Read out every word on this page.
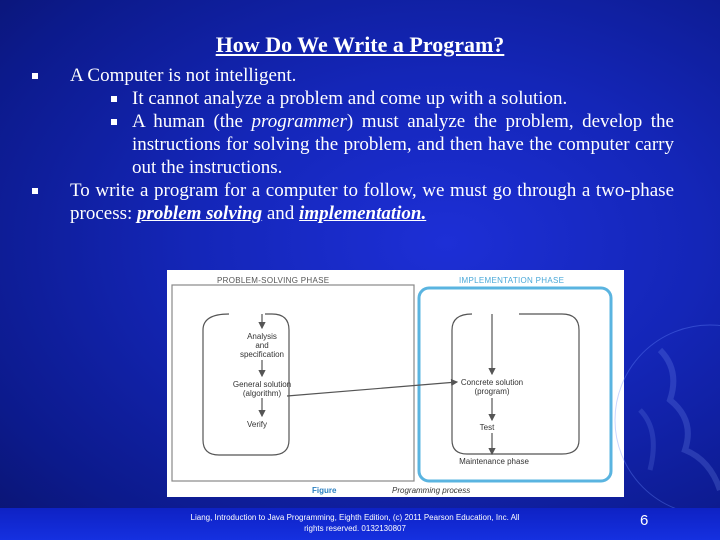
How Do We Write a Program?
A Computer is not intelligent.
It cannot analyze a problem and come up with a solution.
A human (the programmer) must analyze the problem, develop the instructions for solving the problem, and then have the computer carry out the instructions.
To write a program for a computer to follow, we must go through a two-phase process: problem solving and implementation.
PROBLEM-SOLVING PHASE	IMPLEMENTATION PHASE
Analysis
and
specification
General solution
(algorithm)
Verify
Concrete solution
(program)
Test
Maintenance phase
Figure	Programming process
Liang, Introduction to Java Programming, Eighth Edition, (c) 2011 Pearson Education, Inc. All
rights reserved. 0132130807	6
